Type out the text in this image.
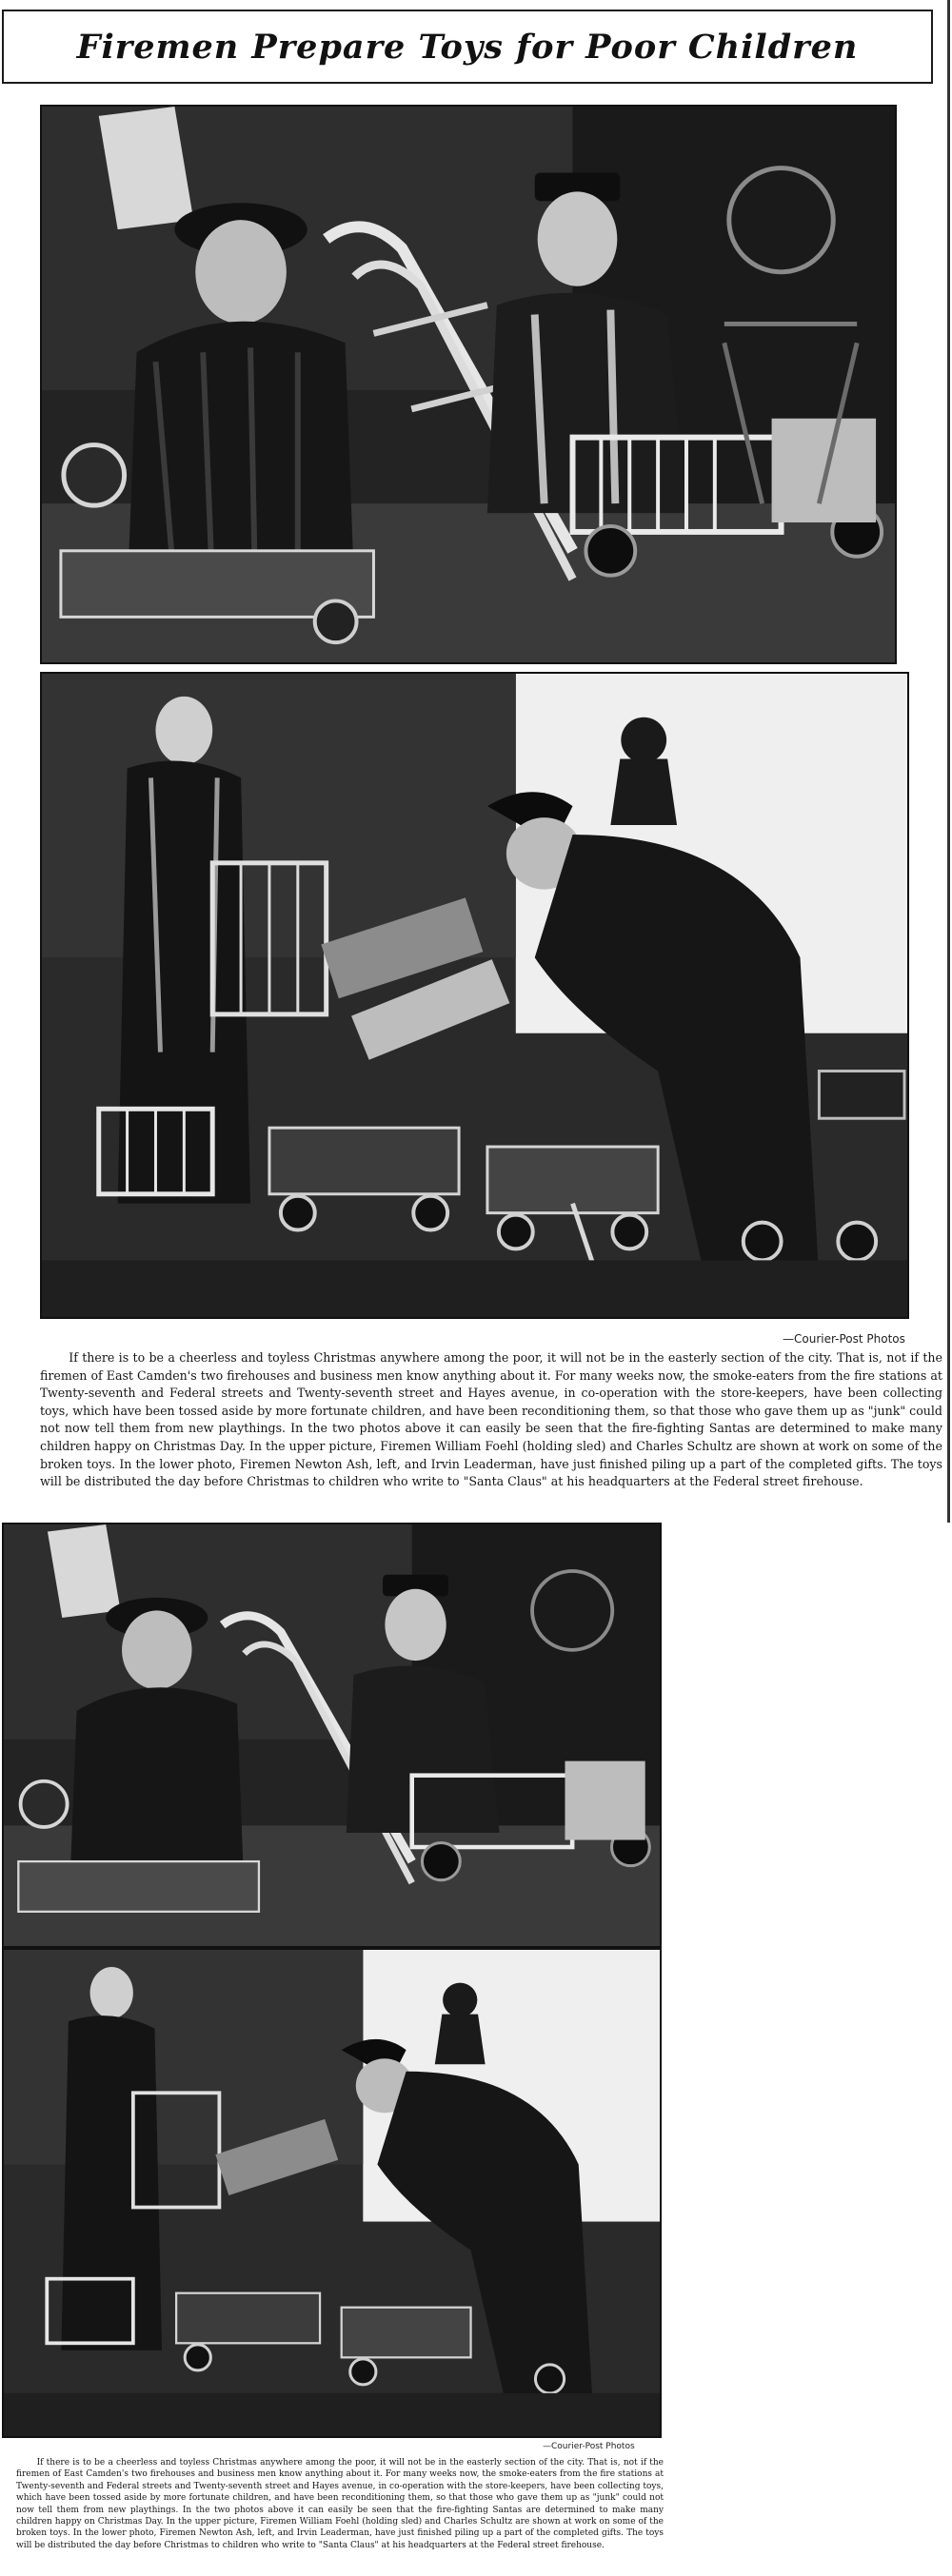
Firemen Prepare Toys for Poor Children
—Courier-Post Photos

If there is to be a cheerless and toyless Christmas anywhere among the poor, it will not be in the easterly section of the city. That is, not if the firemen of East Camden's two firehouses and business men know anything about it. For many weeks now, the smoke-eaters from the fire stations at Twenty-seventh and Federal streets and Twenty-seventh street and Hayes avenue, in co-operation with the store-keepers, have been collecting toys, which have been tossed aside by more fortunate children, and have been reconditioning them, so that those who gave them up as "junk" could not now tell them from new playthings. In the two photos above it can easily be seen that the fire-fighting Santas are determined to make many children happy on Christmas Day. In the upper picture, Firemen William Foehl (holding sled) and Charles Schultz are shown at work on some of the broken toys. In the lower photo, Firemen Newton Ash, left, and Irvin Leaderman, have just finished piling up a part of the completed gifts. The toys will be distributed the day before Christmas to children who write to "Santa Claus" at his headquarters at the Federal street firehouse.

—Courier-Post Photos

If there is to be a cheerless and toyless Christmas anywhere among the poor, it will not be in the easterly section of the city. That is, not if the firemen of East Camden's two firehouses and business men know anything about it. For many weeks now, the smoke-eaters from the fire stations at Twenty-seventh and Federal streets and Twenty-seventh street and Hayes avenue, in co-operation with the store-keepers, have been collecting toys, which have been tossed aside by more fortunate children, and have been reconditioning them, so that those who gave them up as "junk" could not now tell them from new playthings. In the two photos above it can easily be seen that the fire-fighting Santas are determined to make many children happy on Christmas Day. In the upper picture, Firemen William Foehl (holding sled) and Charles Schultz are shown at work on some of the broken toys. In the lower photo, Firemen Newton Ash, left, and Irvin Leaderman, have just finished piling up a part of the completed gifts. The toys will be distributed the day before Christmas to children who write to "Santa Claus" at his headquarters at the Federal street firehouse.
